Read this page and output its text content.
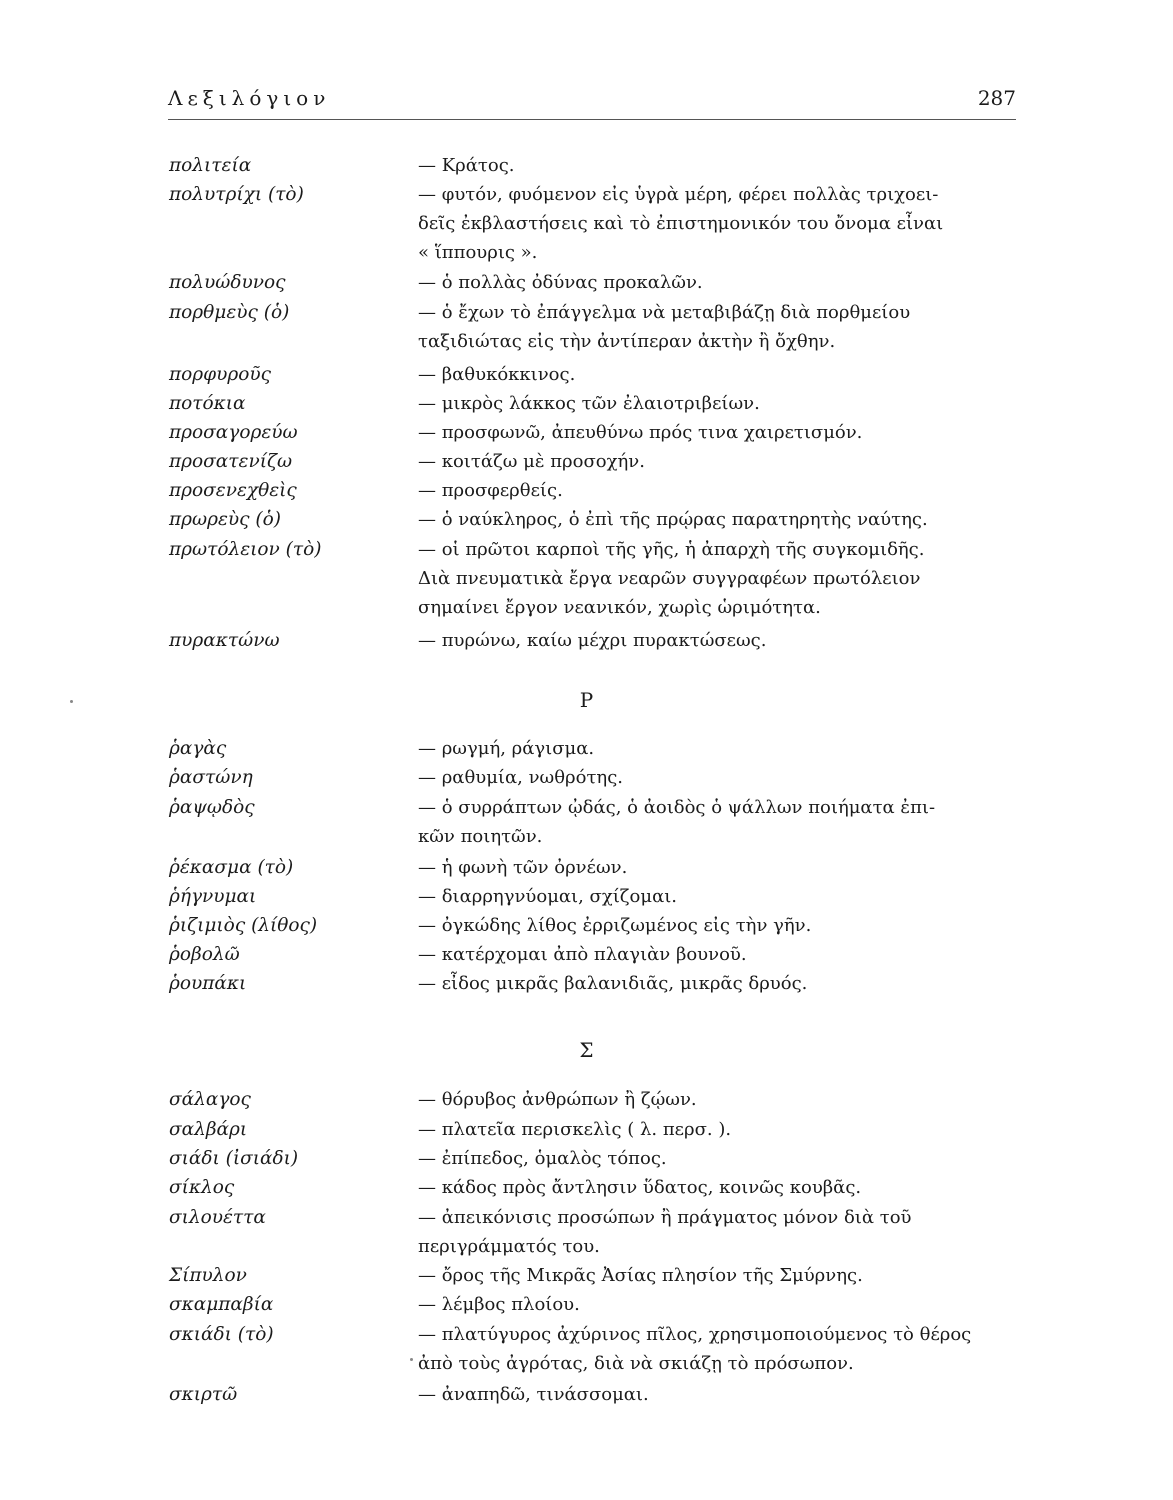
Λεξιλόγιον	287
πολιτεία	— Κράτος.
πολυτρίχι (τὸ)	— φυτόν, φυόμενον εἰς ὑγρὰ μέρη, φέρει πολλὰς τριχοει-
δεῖς ἐκβλαστήσεις καὶ τὸ ἐπιστημονικόν του ὄνομα εἶναι
« ἵππουρις ».
πολυώδυνος	— ὁ πολλὰς ὀδύνας προκαλῶν.
πορθμεὺς (ὁ)	— ὁ ἔχων τὸ ἐπάγγελμα νὰ μεταβιβάζῃ διὰ πορθμείου
ταξιδιώτας εἰς τὴν ἀντίπεραν ἀκτὴν ἢ ὄχθην.
πορφυροῦς	— βαθυκόκκινος.
ποτόκια	— μικρὸς λάκκος τῶν ἐλαιοτριβείων.
προσαγορεύω	— προσφωνῶ, ἀπευθύνω πρός τινα χαιρετισμόν.
προσατενίζω	— κοιτάζω μὲ προσοχήν.
προσενεχθεὶς	— προσφερθείς.
πρωρεὺς (ὁ)	— ὁ ναύκληρος, ὁ ἐπὶ τῆς πρῴρας παρατηρητὴς ναύτης.
πρωτόλειον (τὸ)	— οἱ πρῶτοι καρποὶ τῆς γῆς, ἡ ἀπαρχὴ τῆς συγκομιδῆς.
Διὰ πνευματικὰ ἔργα νεαρῶν συγγραφέων πρωτόλειον
σημαίνει ἔργον νεανικόν, χωρὶς ὡριμότητα.
πυρακτώνω	— πυρώνω, καίω μέχρι πυρακτώσεως.
Ρ
ῥαγὰς	— ρωγμή, ράγισμα.
ῥαστώνη	— ραθυμία, νωθρότης.
ῥαψῳδὸς	— ὁ συρράπτων ᾠδάς, ὁ ἀοιδὸς ὁ ψάλλων ποιήματα ἐπι-
κῶν ποιητῶν.
ῥέκασμα (τὸ)	— ἡ φωνὴ τῶν ὀρνέων.
ῥήγνυμαι	— διαρρηγνύομαι, σχίζομαι.
ῥιζιμιὸς (λίθος)	— ὀγκώδης λίθος ἐρριζωμένος εἰς τὴν γῆν.
ῥοβολῶ	— κατέρχομαι ἀπὸ πλαγιὰν βουνοῦ.
ῥουπάκι	— εἶδος μικρᾶς βαλανιδιᾶς, μικρᾶς δρυός.
Σ
σάλαγος	— θόρυβος ἀνθρώπων ἢ ζῴων.
σαλβάρι	— πλατεῖα περισκελὶς ( λ. περσ. ).
σιάδι (ἰσιάδι)	— ἐπίπεδος, ὁμαλὸς τόπος.
σίκλος	— κάδος πρὸς ἄντλησιν ὕδατος, κοινῶς κουβᾶς.
σιλουέττα	— ἀπεικόνισις προσώπων ἢ πράγματος μόνον διὰ τοῦ
περιγράμματός του.
Σίπυλον	— ὄρος τῆς Μικρᾶς Ἀσίας πλησίον τῆς Σμύρνης.
σκαμπαβία	— λέμβος πλοίου.
σκιάδι (τὸ)	— πλατύγυρος ἀχύρινος πῖλος, χρησιμοποιούμενος τὸ θέρος
ἀπὸ τοὺς ἀγρότας, διὰ νὰ σκιάζῃ τὸ πρόσωπον.
σκιρτῶ	— ἀναπηδῶ, τινάσσομαι.
